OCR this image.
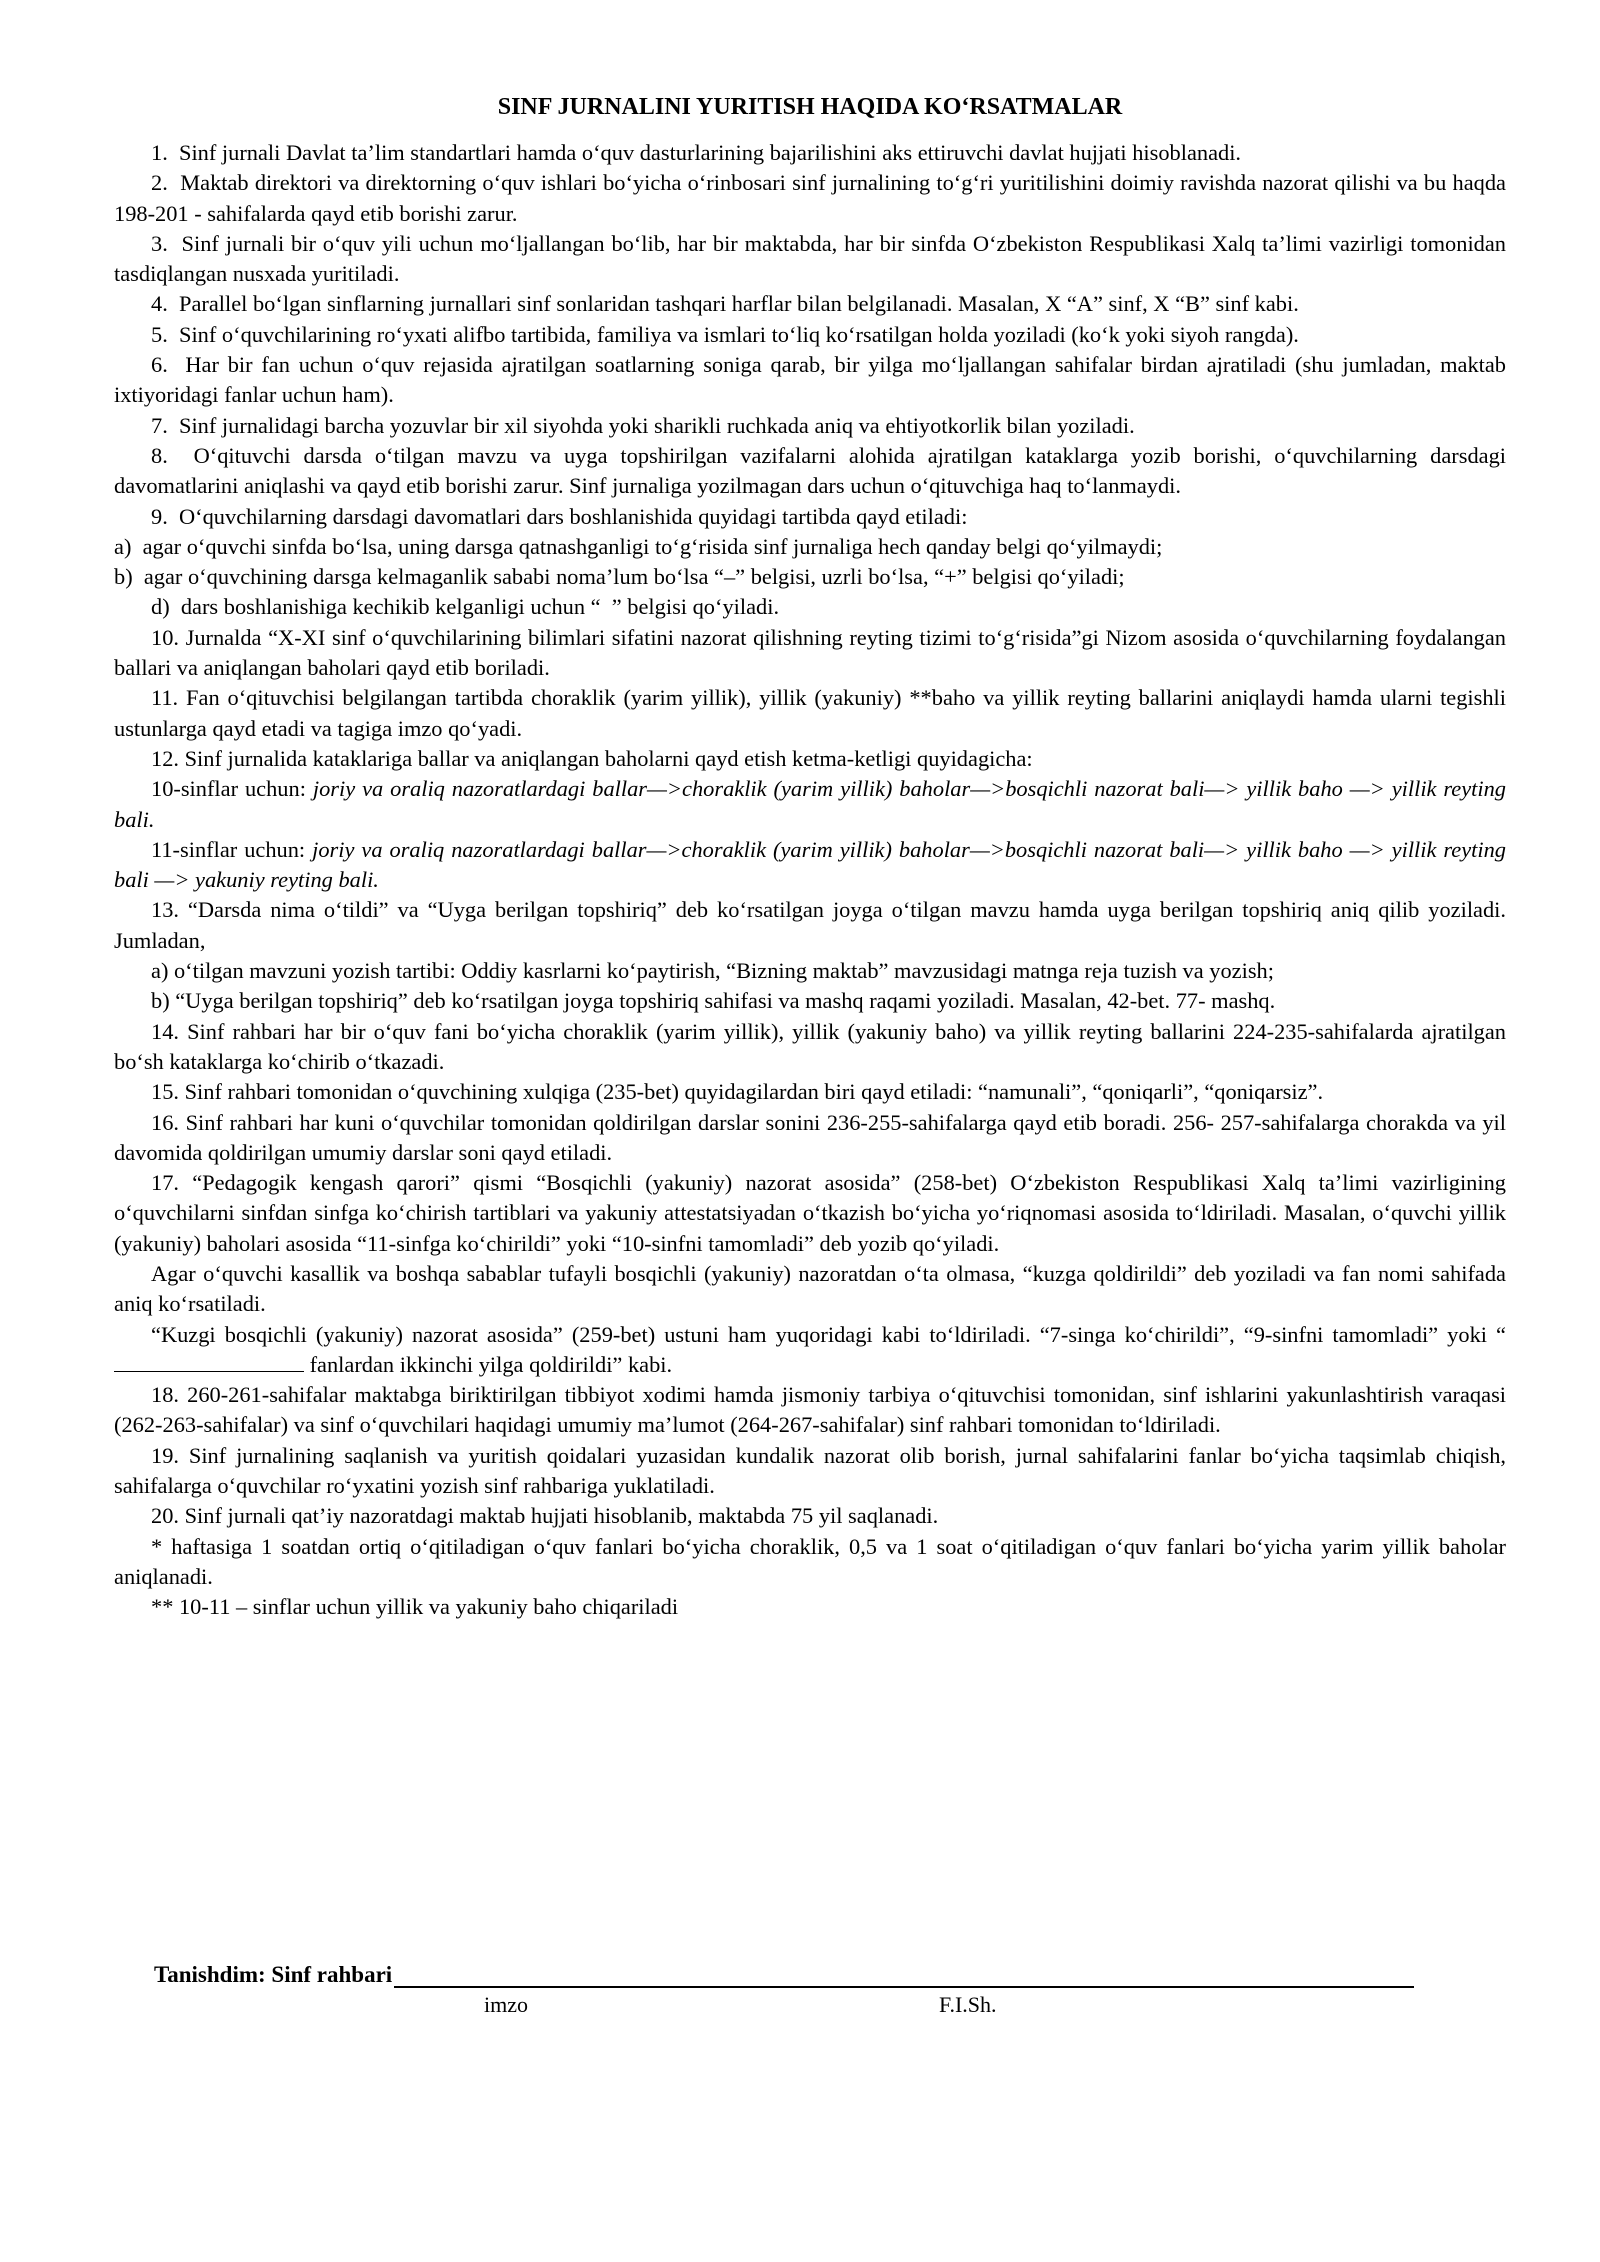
SINF JURNALINI YURITISH HAQIDA KO‘RSATMALAR

1.  Sinf jurnali Davlat ta’lim standartlari hamda o‘quv dasturlarining bajarilishini aks ettiruvchi davlat hujjati hisoblanadi.

2.  Maktab direktori va direktorning o‘quv ishlari bo‘yicha o‘rinbosari sinf jurnalining to‘g‘ri yuritilishini doimiy ravishda nazorat qilishi va bu haqda 198-201 - sahifalarda qayd etib borishi zarur.

3.  Sinf jurnali bir o‘quv yili uchun mo‘ljallangan bo‘lib, har bir maktabda, har bir sinfda O‘zbekiston Respublikasi Xalq ta’limi vazirligi tomonidan tasdiqlangan nusxada yuritiladi.

4.  Parallel bo‘lgan sinflarning jurnallari sinf sonlaridan tashqari harflar bilan belgilanadi. Masalan, X “A” sinf, X “B” sinf kabi.

5.  Sinf o‘quvchilarining ro‘yxati alifbo tartibida, familiya va ismlari to‘liq ko‘rsatilgan holda yoziladi (ko‘k yoki siyoh rangda).

6.  Har bir fan uchun o‘quv rejasida ajratilgan soatlarning soniga qarab, bir yilga mo‘ljallangan sahifalar birdan ajratiladi (shu jumladan, maktab ixtiyoridagi fanlar uchun ham).

7.  Sinf jurnalidagi barcha yozuvlar bir xil siyohda yoki sharikli ruchkada aniq va ehtiyotkorlik bilan yoziladi.

8.  O‘qituvchi darsda o‘tilgan mavzu va uyga topshirilgan vazifalarni alohida ajratilgan kataklarga yozib borishi, o‘quvchilarning darsdagi davomatlarini aniqlashi va qayd etib borishi zarur. Sinf jurnaliga yozilmagan dars uchun o‘qituvchiga haq to‘lanmaydi.

9.  O‘quvchilarning darsdagi davomatlari dars boshlanishida quyidagi tartibda qayd etiladi:

a)  agar o‘quvchi sinfda bo‘lsa, uning darsga qatnashganligi to‘g‘risida sinf jurnaliga hech qanday belgi qo‘yilmaydi;

b)  agar o‘quvchining darsga kelmaganlik sababi noma’lum bo‘lsa “–” belgisi, uzrli bo‘lsa, “+” belgisi qo‘yiladi;

d)  dars boshlanishiga kechikib kelganligi uchun “  ” belgisi qo‘yiladi.

10. Jurnalda “X-XI sinf o‘quvchilarining bilimlari sifatini nazorat qilishning reyting tizimi to‘g‘risida”gi Nizom asosida o‘quvchilarning foydalangan ballari va aniqlangan baholari qayd etib boriladi.

11. Fan o‘qituvchisi belgilangan tartibda choraklik (yarim yillik), yillik (yakuniy) **baho va yillik reyting ballarini aniqlaydi hamda ularni tegishli ustunlarga qayd etadi va tagiga imzo qo‘yadi.

12. Sinf jurnalida kataklariga ballar va aniqlangan baholarni qayd etish ketma-ketligi quyidagicha:

10-sinflar uchun: joriy va oraliq nazoratlardagi ballar—>choraklik (yarim yillik) baholar—>bosqichli nazorat bali—> yillik baho —> yillik reyting bali.

11-sinflar uchun: joriy va oraliq nazoratlardagi ballar—>choraklik (yarim yillik) baholar—>bosqichli nazorat bali—> yillik baho —> yillik reyting bali —> yakuniy reyting bali.

13. “Darsda nima o‘tildi” va “Uyga berilgan topshiriq” deb ko‘rsatilgan joyga o‘tilgan mavzu hamda uyga berilgan topshiriq aniq qilib yoziladi. Jumladan,

a) o‘tilgan mavzuni yozish tartibi: Oddiy kasrlarni ko‘paytirish, “Bizning maktab” mavzusidagi matnga reja tuzish va yozish;

b) “Uyga berilgan topshiriq” deb ko‘rsatilgan joyga topshiriq sahifasi va mashq raqami yoziladi. Masalan, 42-bet. 77- mashq.

14. Sinf rahbari har bir o‘quv fani bo‘yicha choraklik (yarim yillik), yillik (yakuniy baho) va yillik reyting ballarini 224-235-sahifalarda ajratilgan bo‘sh kataklarga ko‘chirib o‘tkazadi.

15. Sinf rahbari tomonidan o‘quvchining xulqiga (235-bet) quyidagilardan biri qayd etiladi: “namunali”, “qoniqarli”, “qoniqarsiz”.

16. Sinf rahbari har kuni o‘quvchilar tomonidan qoldirilgan darslar sonini 236-255-sahifalarga qayd etib boradi. 256- 257-sahifalarga chorakda va yil davomida qoldirilgan umumiy darslar soni qayd etiladi.

17. “Pedagogik kengash qarori” qismi “Bosqichli (yakuniy) nazorat asosida” (258-bet) O‘zbekiston Respublikasi Xalq ta’limi vazirligining o‘quvchilarni sinfdan sinfga ko‘chirish tartiblari va yakuniy attestatsiyadan o‘tkazish bo‘yicha yo‘riqnomasi asosida to‘ldiriladi. Masalan, o‘quvchi yillik (yakuniy) baholari asosida “11-sinfga ko‘chirildi” yoki “10-sinfni tamomladi” deb yozib qo‘yiladi.

Agar o‘quvchi kasallik va boshqa sabablar tufayli bosqichli (yakuniy) nazoratdan o‘ta olmasa, “kuzga qoldirildi” deb yoziladi va fan nomi sahifada aniq ko‘rsatiladi.

“Kuzgi bosqichli (yakuniy) nazorat asosida” (259-bet) ustuni ham yuqoridagi kabi to‘ldiriladi. “7-singa ko‘chirildi”, “9-sinfni tamomladi” yoki “  fanlardan ikkinchi yilga qoldirildi” kabi.

18. 260-261-sahifalar maktabga biriktirilgan tibbiyot xodimi hamda jismoniy tarbiya o‘qituvchisi tomonidan, sinf ishlarini yakunlashtirish varaqasi (262-263-sahifalar) va sinf o‘quvchilari haqidagi umumiy ma’lumot (264-267-sahifalar) sinf rahbari tomonidan to‘ldiriladi.

19. Sinf jurnalining saqlanish va yuritish qoidalari yuzasidan kundalik nazorat olib borish, jurnal sahifalarini fanlar bo‘yicha taqsimlab chiqish, sahifalarga o‘quvchilar ro‘yxatini yozish sinf rahbariga yuklatiladi.

20. Sinf jurnali qat’iy nazoratdagi maktab hujjati hisoblanib, maktabda 75 yil saqlanadi.

* haftasiga 1 soatdan ortiq o‘qitiladigan o‘quv fanlari bo‘yicha choraklik, 0,5 va 1 soat o‘qitiladigan o‘quv fanlari bo‘yicha yarim yillik baholar aniqlanadi.

** 10-11 – sinflar uchun yillik va yakuniy baho chiqariladi

Tanishdim: Sinf rahbari
imzo	F.I.Sh.
